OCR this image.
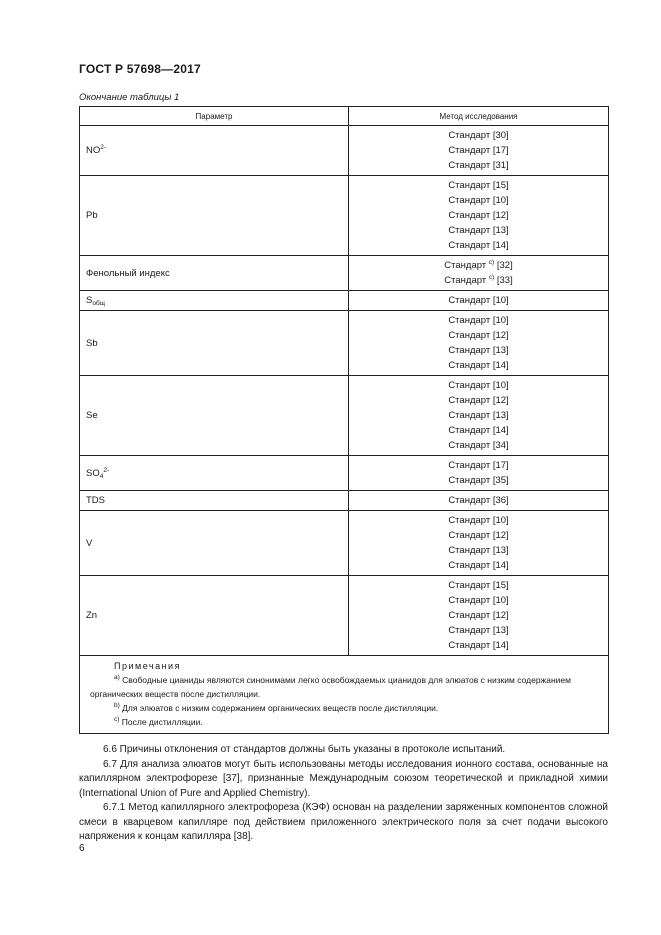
ГОСТ Р 57698—2017
Окончание таблицы 1
Параметр	Метод исследования
$NO^{2-}$	Стандарт [30]
Стандарт [17]
Стандарт [31]

Pb	Стандарт [15]
Стандарт [10]
Стандарт [12]
Стандарт [13]
Стандарт [14]

Фенольный индекс	Стандарт $^{с)}$ [32]
Стандарт $^{с)}$ [33]

$S_{общ}$	Стандарт [10]

Sb	Стандарт [10]
Стандарт [12]
Стандарт [13]
Стандарт [14]

Se	Стандарт [10]
Стандарт [12]
Стандарт [13]
Стандарт [14]
Стандарт [34]

$SO_4^{2-}$	Стандарт [17]
Стандарт [35]

TDS	Стандарт [36]

V	Стандарт [10]
Стандарт [12]
Стандарт [13]
Стандарт [14]

Zn	Стандарт [15]
Стандарт [10]
Стандарт [12]
Стандарт [13]
Стандарт [14]

Примечания
$^{а)}$ Свободные цианиды являются синонимами легко освобождаемых цианидов для элюатов с низким содержанием органических веществ после дистилляции.
$^{b)}$ Для элюатов с низким содержанием органических веществ после дистилляции.
$^{с)}$ После дистилляции.	

6.6 Причины отклонения от стандартов должны быть указаны в протоколе испытаний.

6.7 Для анализа элюатов могут быть использованы методы исследования ионного состава, основанные на капиллярном электрофорезе [37], признанные Международным союзом теоретической и прикладной химии (International Union of Pure and Applied Chemistry).

6.7.1 Метод капиллярного электрофореза (КЭФ) основан на разделении заряженных компонентов сложной смеси в кварцевом капилляре под действием приложенного электрического поля за счет подачи высокого напряжения к концам капилляра [38].

6
